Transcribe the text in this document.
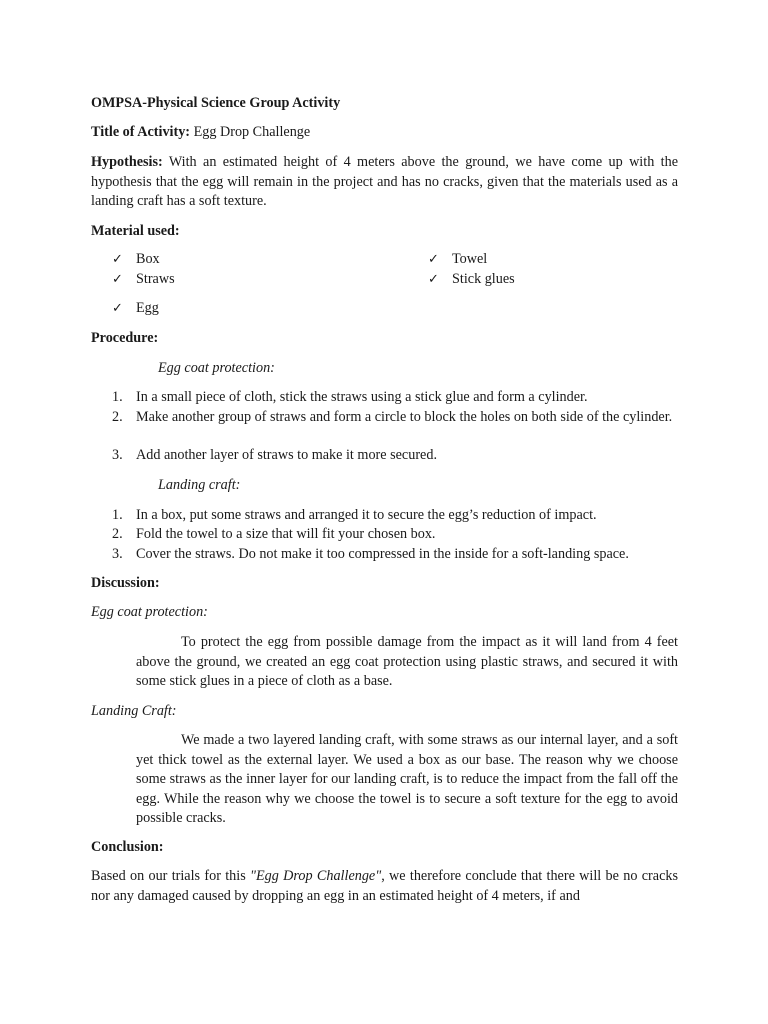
OMPSA-Physical Science Group Activity

Title of Activity: Egg Drop Challenge

Hypothesis: With an estimated height of 4 meters above the ground, we have come up with the hypothesis that the egg will remain in the project and has no cracks, given that the materials used as a landing craft has a soft texture.

Material used:

✓ Box
✓ Straws
✓ Egg
✓ Towel
✓ Stick glues

Procedure:

Egg coat protection:
1. In a small piece of cloth, stick the straws using a stick glue and form a cylinder.

2. Make another group of straws and form a circle to block the holes on both side of the cylinder.

3. Add another layer of straws to make it more secured.

Landing craft:
1. In a box, put some straws and arranged it to secure the egg’s reduction of impact.

2. Fold the towel to a size that will fit your chosen box.

3. Cover the straws. Do not make it too compressed in the inside for a soft-landing space.

Discussion:

Egg coat protection:

To protect the egg from possible damage from the impact as it will land from 4 feet above the ground, we created an egg coat protection using plastic straws, and secured it with some stick glues in a piece of cloth as a base.

Landing Craft:

We made a two layered landing craft, with some straws as our internal layer, and a soft yet thick towel as the external layer. We used a box as our base. The reason why we choose some straws as the inner layer for our landing craft, is to reduce the impact from the fall off the egg. While the reason why we choose the towel is to secure a soft texture for the egg to avoid possible cracks.

Conclusion:

Based on our trials for this "Egg Drop Challenge", we therefore conclude that there will be no cracks nor any damaged caused by dropping an egg in an estimated height of 4 meters, if and
